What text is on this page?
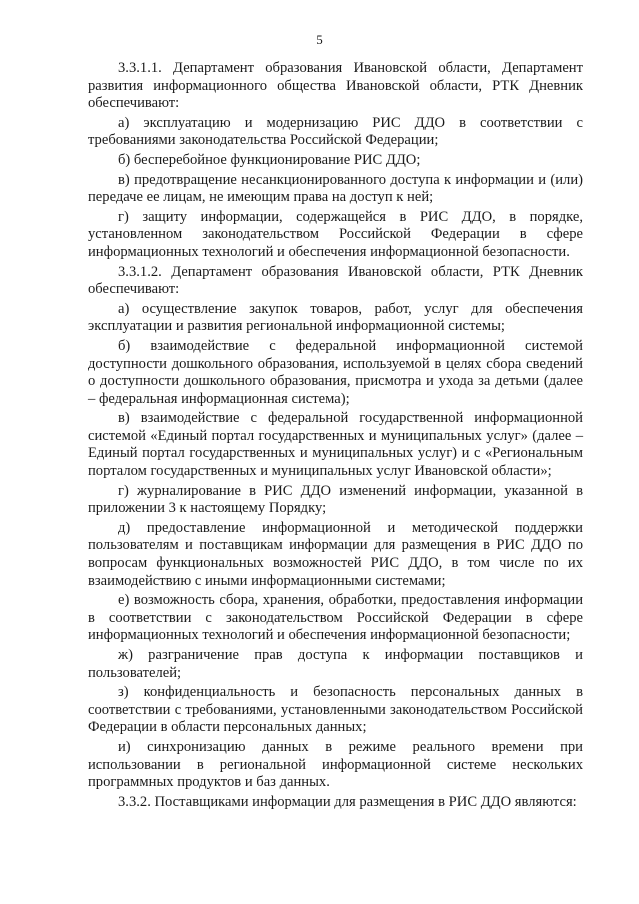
5

3.3.1.1. Департамент образования Ивановской области, Департамент развития информационного общества Ивановской области, РТК Дневник обеспечивают:

а) эксплуатацию и модернизацию РИС ДДО в соответствии с требованиями законодательства Российской Федерации;

б) бесперебойное функционирование РИС ДДО;

в) предотвращение несанкционированного доступа к информации и (или) передаче ее лицам, не имеющим права на доступ к ней;

г) защиту информации, содержащейся в РИС ДДО, в порядке, установленном законодательством Российской Федерации в сфере информационных технологий и обеспечения информационной безопасности.

3.3.1.2. Департамент образования Ивановской области, РТК Дневник обеспечивают:

а) осуществление закупок товаров, работ, услуг для обеспечения эксплуатации и развития региональной информационной системы;

б) взаимодействие с федеральной информационной системой доступности дошкольного образования, используемой в целях сбора сведений о доступности дошкольного образования, присмотра и ухода за детьми (далее – федеральная информационная система);

в) взаимодействие с федеральной государственной информационной системой «Единый портал государственных и муниципальных услуг» (далее – Единый портал государственных и муниципальных услуг) и с «Региональным порталом государственных и муниципальных услуг Ивановской области»;

г) журналирование в РИС ДДО изменений информации, указанной в приложении 3 к настоящему Порядку;

д) предоставление информационной и методической поддержки пользователям и поставщикам информации для размещения в РИС ДДО по вопросам функциональных возможностей РИС ДДО, в том числе по их взаимодействию с иными информационными системами;

е) возможность сбора, хранения, обработки, предоставления информации в соответствии с законодательством Российской Федерации в сфере информационных технологий и обеспечения информационной безопасности;

ж) разграничение прав доступа к информации поставщиков и пользователей;

з) конфиденциальность и безопасность персональных данных в соответствии с требованиями, установленными законодательством Российской Федерации в области персональных данных;

и) синхронизацию данных в режиме реального времени при использовании в региональной информационной системе нескольких программных продуктов и баз данных.

3.3.2. Поставщиками информации для размещения в РИС ДДО являются:
